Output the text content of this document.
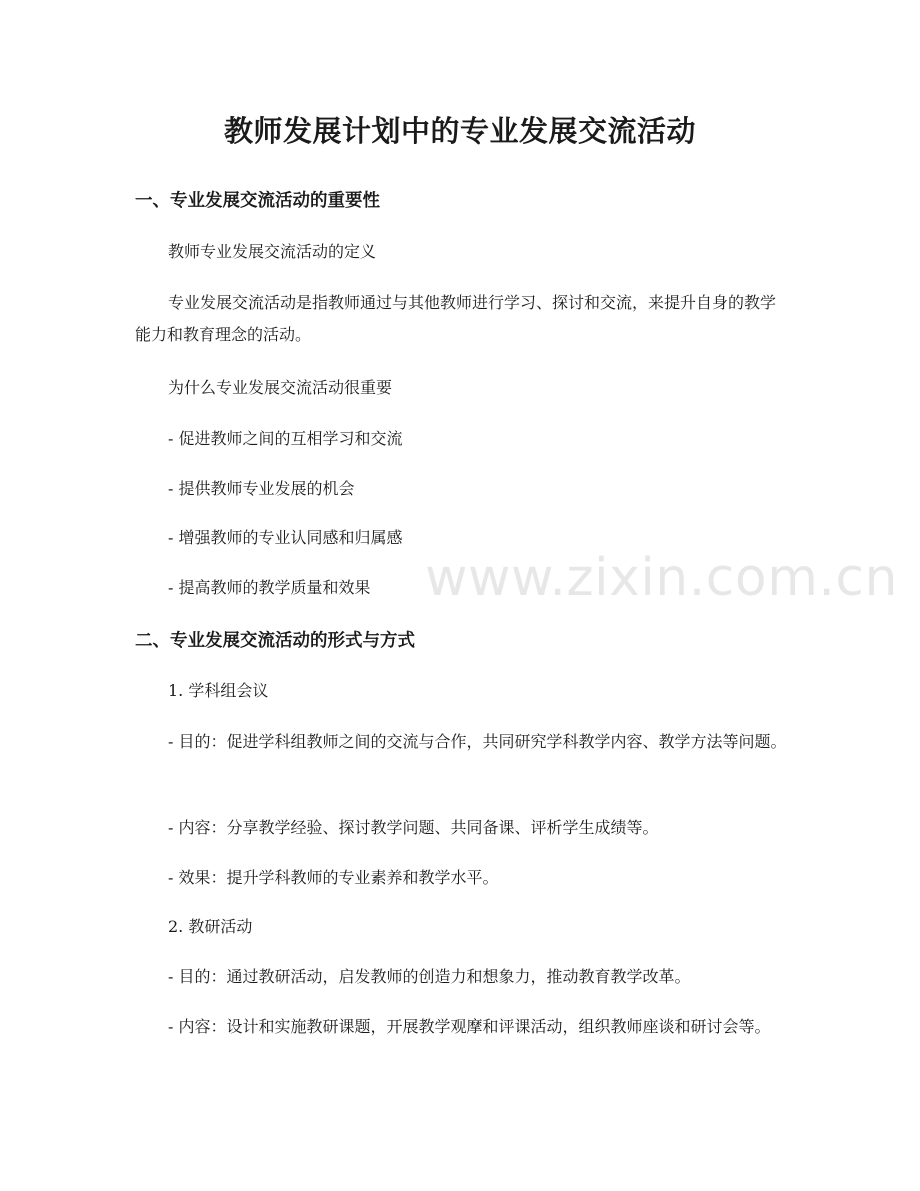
教师发展计划中的专业发展交流活动
一、专业发展交流活动的重要性

教师专业发展交流活动的定义

专业发展交流活动是指教师通过与其他教师进行学习、探讨和交流，来提升自身的教学能力和教育理念的活动。

为什么专业发展交流活动很重要

- 促进教师之间的互相学习和交流

- 提供教师专业发展的机会

- 增强教师的专业认同感和归属感

- 提高教师的教学质量和效果

二、专业发展交流活动的形式与方式

1. 学科组会议

- 目的：促进学科组教师之间的交流与合作，共同研究学科教学内容、教学方法等问题。

- 内容：分享教学经验、探讨教学问题、共同备课、评析学生成绩等。

- 效果：提升学科教师的专业素养和教学水平。

2. 教研活动

- 目的：通过教研活动，启发教师的创造力和想象力，推动教育教学改革。

- 内容：设计和实施教研课题，开展教学观摩和评课活动，组织教师座谈和研讨会等。

www.zixin.com.cn
